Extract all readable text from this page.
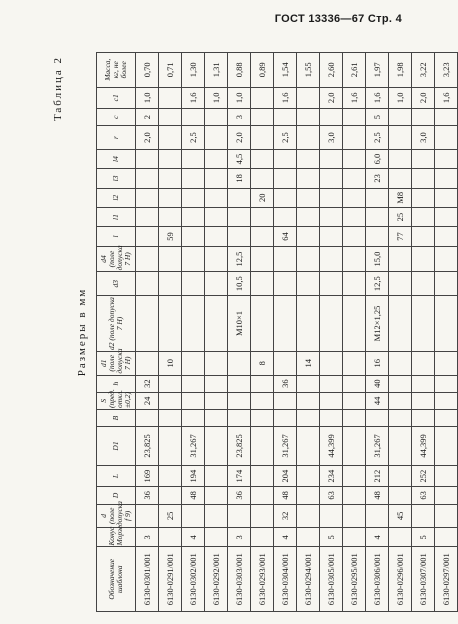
ГОСТ 13336—67 Стр. 4
Таблица 2
Размеры в мм
Обозначение шаблона	Конус Морзе	d (поле допуска f 9)	D	L	D1	B	S (пред. откл. ±0,2)	h	d1 (поле допуска 7 H)	d2 (поле допуска 7 H)	d3	d4 (поле допуска 7 H)	l	l1	l2	l3	l4	r	c	c1	Масса, кг, не более
6130-0301/001	3		36	169	23,825		24	32										2,0	2	1,0	0,70
6130-0291/001		25							10				59								0,71
6130-0302/001	4		48	194	31,267													2,5		1,6	1,30
6130-0292/001																				1,0	1,31
6130-0303/001	3		36	174	23,825					M10×1	10,5	12,5				18	4,5	2,0	3	1,0	0,88
6130-0293/001									8						20						0,89
6130-0304/001	4	32	48	204	31,267			36					64					2,5		1,6	1,54
6130-0294/001									14												1,55
6130-0305/001	5		63	234	44,399													3,0		2,0	2,60
6130-0295/001																				1,6	2,61
6130-0306/001	4		48	212	31,267		44	40	16	M12×1,25	12,5	15,0				23	6,0	2,5	5	1,6	1,97
6130-0296/001		45											77	25	M8					1,0	1,98
6130-0307/001	5		63	252	44,399													3,0		2,0	3,22
6130-0297/001																				1,6	3,23
